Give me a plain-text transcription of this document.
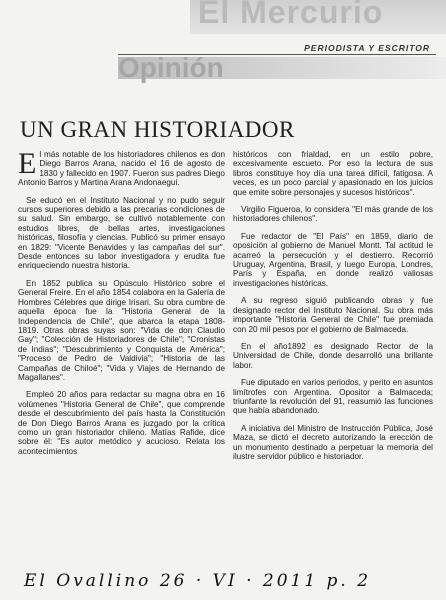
El Mercurio
PERIODISTA Y ESCRITOR
Opinión
UN GRAN HISTORIADOR

El más notable de los historiadores chilenos es don Diego Barros Arana, nacido el 16 de agosto de 1830 y fallecido en 1907. Fueron sus padres Diego Antonio Barros y Martina Arana Andonaegui.

Se educó en el Instituto Nacional y no pudo seguir cursos superiores debido a las precarias condiciones de su salud. Sin embargo, se cultivó notablemente con estudios libres, de bellas artes, investigaciones históricas, filosofía y ciencias. Publicó su primer ensayo en 1829: "Vicente Benavides y las campañas del sur". Desde entonces su labor investigadora y erudita fue enriqueciendo nuestra historia.

En 1852 publica su Opúsculo Histórico sobre el General Freire. En el año 1854 colabora en la Galería de Hombres Célebres que dirige Irisari. Su obra cumbre de aquella época fue la "Historia General de la Independencia de Chile", que abarca la etapa 1808-1819. Otras obras suyas son: "Vida de don Claudio Gay"; "Colección de Historiadores de Chile"; "Cronistas de Indias"; "Descubrimiento y Conquista de América"; "Proceso de Pedro de Valdivia"; "Historia de las Campañas de Chiloé"; "Vida y Viajes de Hernando de Magallanes".

Empleó 20 años para redactar su magna obra en 16 volúmenes "Historia General de Chile", que comprende desde el descubrimiento del país hasta la Constitución de Don Diego Barros Arana es juzgado por la crítica como un gran historiador chileno. Matías Rafide, dice sobre él: "Es autor metódico y acucioso. Relata los acontecimientos

históricos con frialdad, en un estilo pobre, excesivamente escueto. Por eso la lectura de sus libros constituye hoy día una tarea difícil, fatigosa. A veces, es un poco parcial y apasionado en los juicios que emite sobre personajes y sucesos históricos".

Virgilio Figueroa, lo considera "El más grande de los historiadores chilenos".

Fue redactor de "El País" en 1859, diario de oposición al gobierno de Manuel Montt. Tal actitud le acarreó la persecución y el destierro. Recorrió Uruguay, Argentina, Brasil, y luego Europa, Londres, París y España, en donde realizó valiosas investigaciones históricas.

A su regreso siguió publicando obras y fue designado rector del Instituto Nacional. Su obra más importante "Historia General de Chile" fue premiada con 20 mil pesos por el gobierno de Balmaceda.

En el año1892 es designado Rector de la Universidad de Chile, donde desarrolló una brillante labor.

Fue diputado en varios periodos, y perito en asuntos limítrofes con Argentina. Opositor a Balmaceda; triunfante la revolución del 91, reasumió las funciones que había abandonado.

A iniciativa del Ministro de Instrucción Pública, José Maza, se dictó el decreto autorizando la erección de un monumento destinado a perpetuar la memoria del ilustre servidor público e historiador.

El Ovallino 26 · VI · 2011 p. 2
